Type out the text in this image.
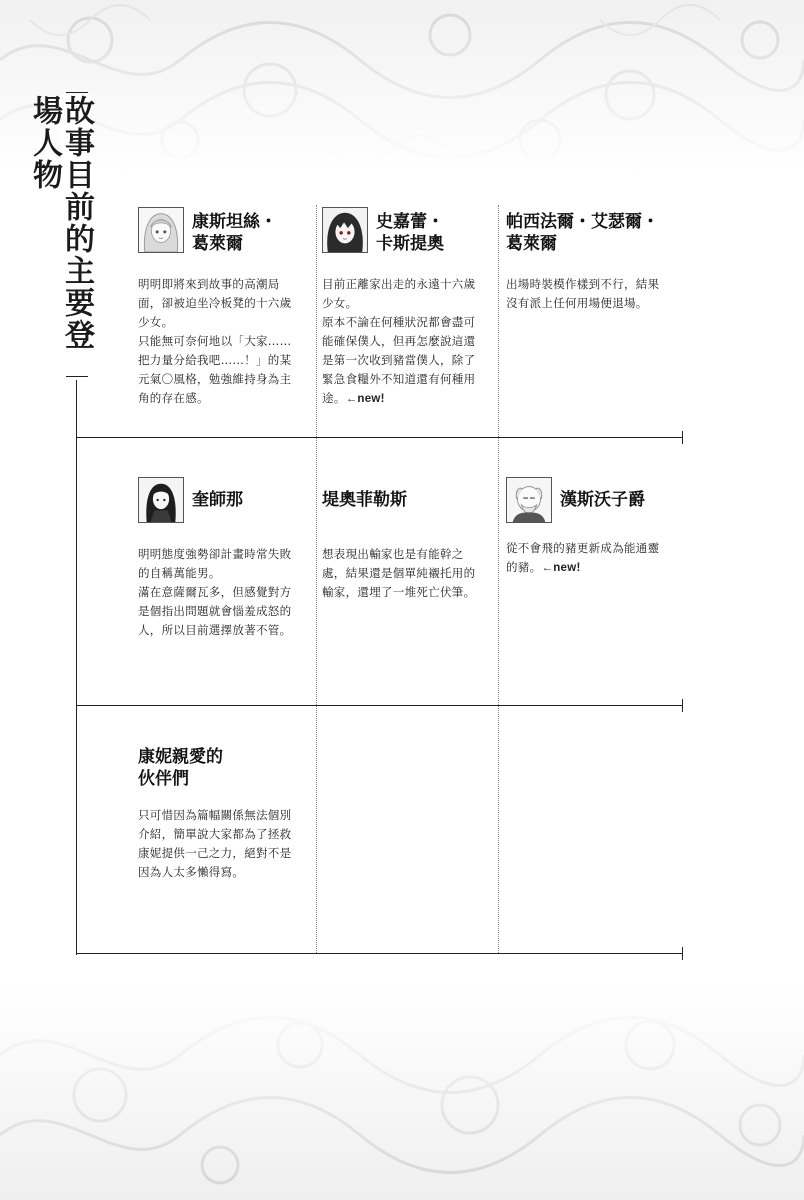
故事目前的主要登場人物
康斯坦絲・
葛萊爾
明明即將來到故事的高潮局面，卻被迫坐冷板凳的十六歲少女。
只能無可奈何地以「大家……把力量分給我吧……！」的某元氣〇風格，勉強維持身為主角的存在感。
史嘉蕾・
卡斯提奧
目前正離家出走的永遠十六歲少女。
原本不論在何種狀況都會盡可能確保僕人，但再怎麼說這還是第一次收到豬當僕人，除了緊急食糧外不知道還有何種用途。←new!
帕西法爾・艾瑟爾・
葛萊爾
出場時裝模作樣到不行，結果沒有派上任何用場便退場。
奎師那
明明態度強勢卻計畫時常失敗的自稱萬能男。
滿在意薩爾瓦多，但感覺對方是個指出問題就會惱羞成怒的人，所以目前選擇放著不管。
堤奧菲勒斯
想表現出輸家也是有能幹之處，結果還是個單純襯托用的輸家，還埋了一堆死亡伏筆。
漢斯沃子爵
從不會飛的豬更新成為能通靈的豬。←new!
康妮親愛的
伙伴們
只可惜因為篇幅關係無法個別介紹，簡單說大家都為了拯救康妮提供一己之力，絕對不是因為人太多懶得寫。
